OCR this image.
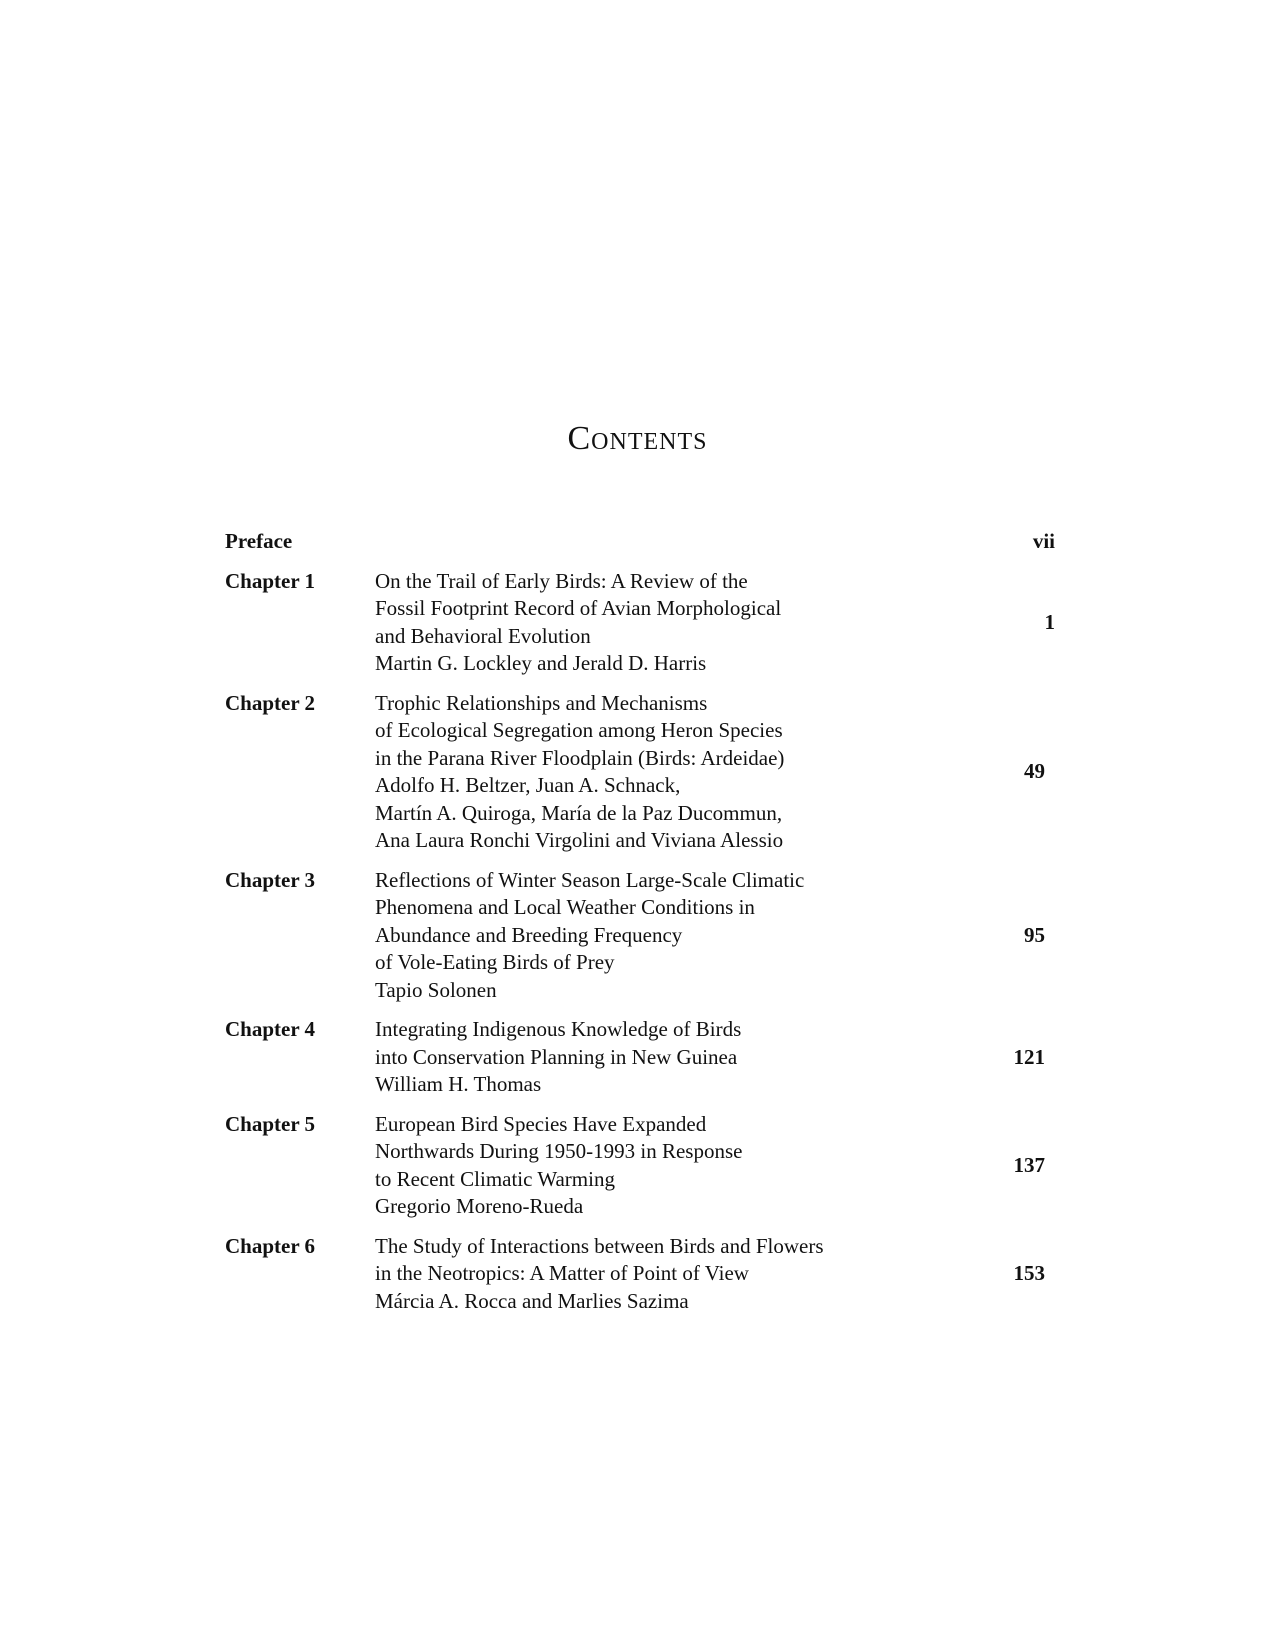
Contents
Preface	vii
Chapter 1	On the Trail of Early Birds: A Review of the
Fossil Footprint Record of Avian Morphological
and Behavioral Evolution
Martin G. Lockley and Jerald D. Harris
1
Chapter 2	Trophic Relationships and Mechanisms
of Ecological Segregation among Heron Species
in the Parana River Floodplain (Birds: Ardeidae)
Adolfo H. Beltzer, Juan A. Schnack,
Martín A. Quiroga, María de la Paz Ducommun,
Ana Laura Ronchi Virgolini and Viviana Alessio
49
Chapter 3	Reflections of Winter Season Large-Scale Climatic
Phenomena and Local Weather Conditions in
Abundance and Breeding Frequency
of Vole-Eating Birds of Prey
Tapio Solonen
95
Chapter 4	Integrating Indigenous Knowledge of Birds
into Conservation Planning in New Guinea
William H. Thomas
121
Chapter 5	European Bird Species Have Expanded
Northwards During 1950-1993 in Response
to Recent Climatic Warming
Gregorio Moreno-Rueda
137
Chapter 6	The Study of Interactions between Birds and Flowers
in the Neotropics: A Matter of Point of View
Márcia A. Rocca and Marlies Sazima
153
